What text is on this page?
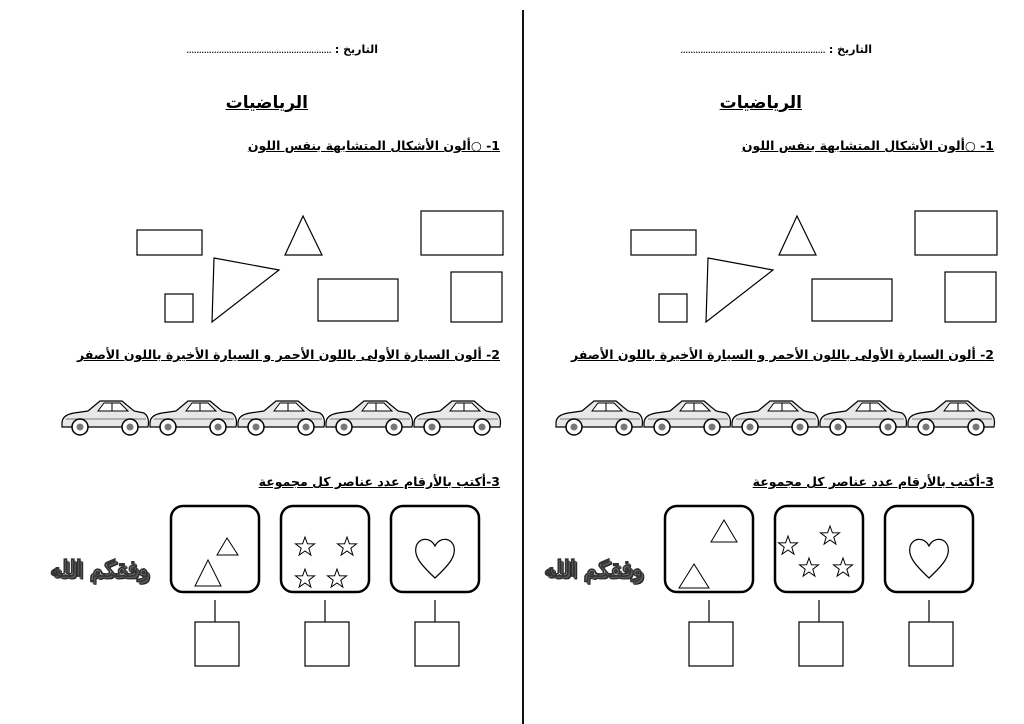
التاريخ :
..........................................................
الرياضيات
1- ○ألون الأشكال المتشابهة بنفس اللون
2- ألون السيارة الأولى باللون الأحمر و السيارة الأخيرة باللون الأصفر
3-أكتب بالأرقام عدد عناصر كل مجموعة
وفقكم الله
التاريخ :
..........................................................
الرياضيات
1- ○ألون الأشكال المتشابهة بنفس اللون
2- ألون السيارة الأولى باللون الأحمر و السيارة الأخيرة باللون الأصفر
3-أكتب بالأرقام عدد عناصر كل مجموعة
وفقكم الله
